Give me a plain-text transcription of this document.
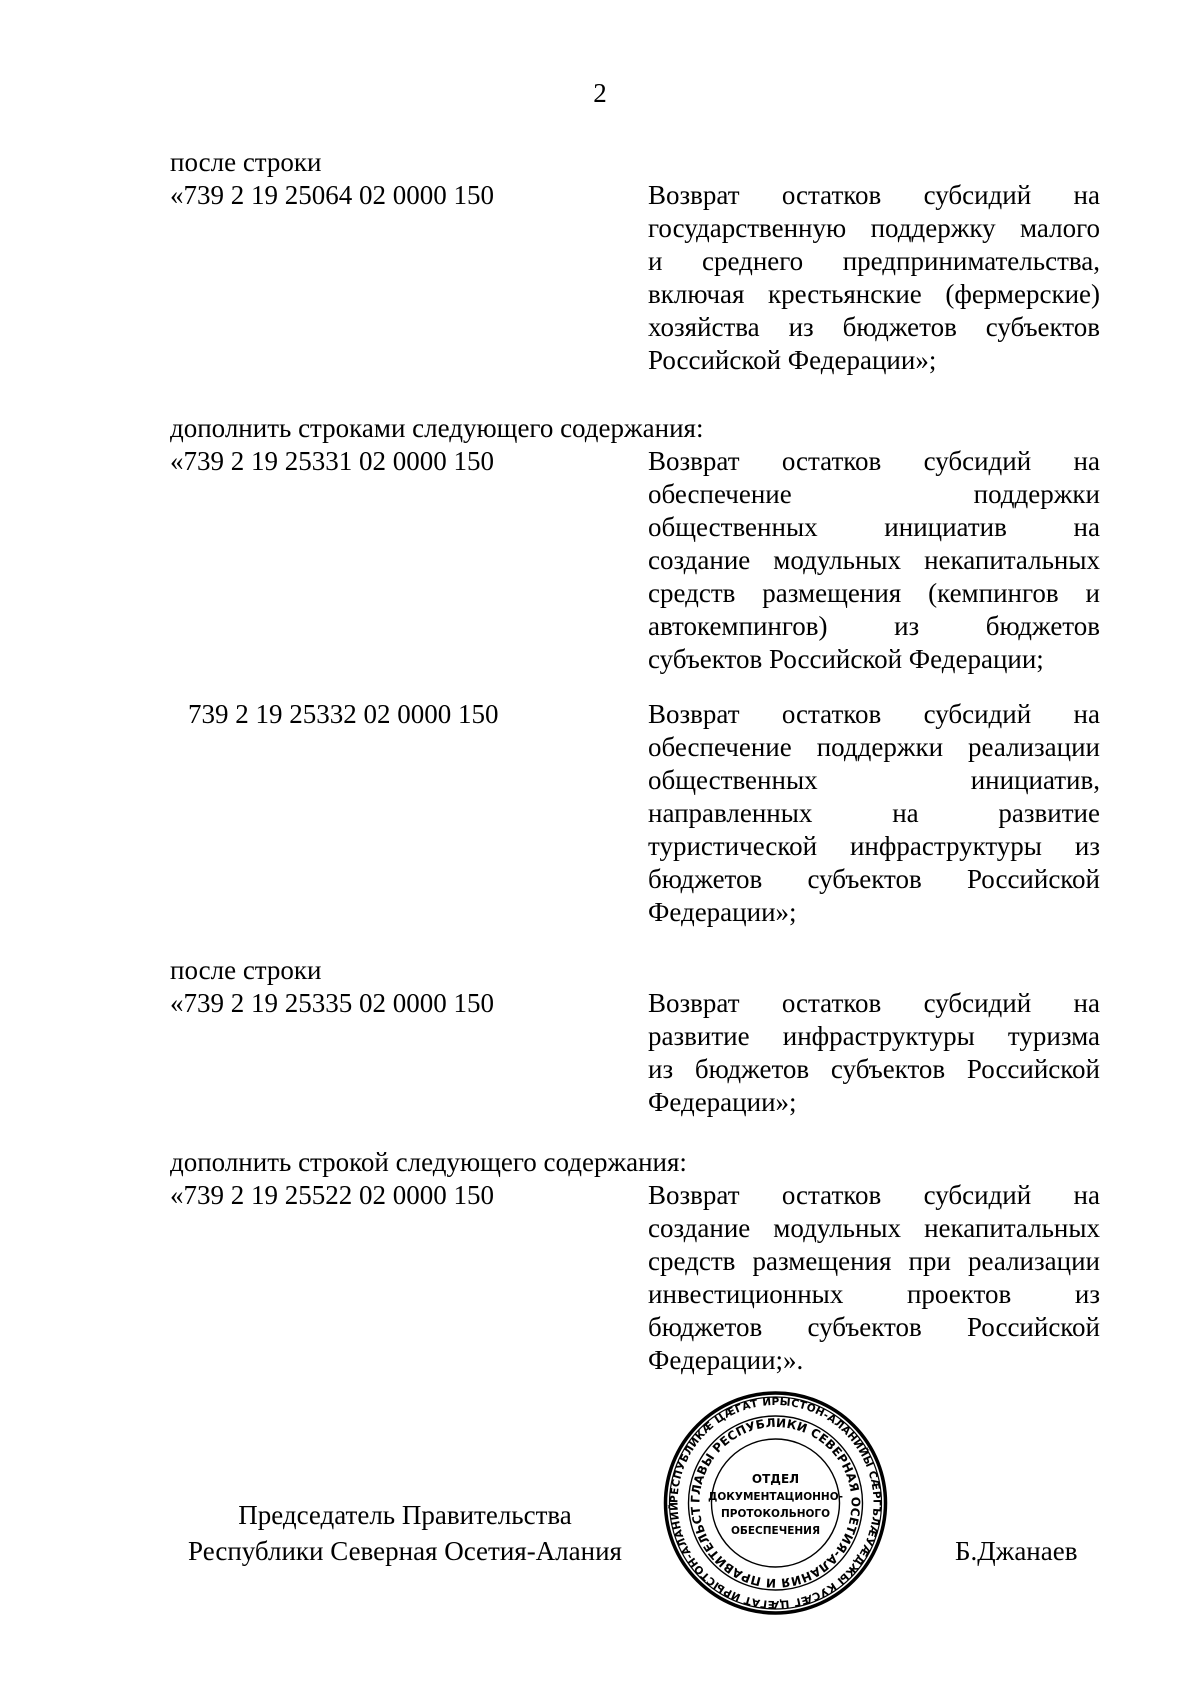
2
после строки
«739 2 19 25064 02 0000 150	Возврат остатков субсидий на
государственную поддержку малого
и среднего предпринимательства,
включая крестьянские (фермерские)
хозяйства из бюджетов субъектов
Российской Федерации»;
дополнить строками следующего содержания:
«739 2 19 25331 02 0000 150	Возврат остатков субсидий на
обеспечение поддержки
общественных инициатив на
создание модульных некапитальных
средств размещения (кемпингов и
автокемпингов) из бюджетов
субъектов Российской Федерации;
739 2 19 25332 02 0000 150	Возврат остатков субсидий на
обеспечение поддержки реализации
общественных инициатив,
направленных на развитие
туристической инфраструктуры из
бюджетов субъектов Российской
Федерации»;
после строки
«739 2 19 25335 02 0000 150	Возврат остатков субсидий на
развитие инфраструктуры туризма
из бюджетов субъектов Российской
Федерации»;
дополнить строкой следующего содержания:
«739 2 19 25522 02 0000 150	Возврат остатков субсидий на
создание модульных некапитальных
средств размещения при реализации
инвестиционных проектов из
бюджетов субъектов Российской
Федерации;».
РЕСПУБЛИКӔ ЦӔГАТ ИРЫСТОН-АЛАНИЙЫ СӔРГЪЛӔУӔДЖЫ КУСӔГ ЦӔГАТ ИРЫСТОН-АЛАНИЙ
ГЛАВЫ РЕСПУБЛИКИ СЕВЕРНАЯ ОСЕТИЯ-АЛАНИЯ И ПРАВИТЕЛЬСТ
ОТДЕЛ
ДОКУМЕНТАЦИОННО-
ПРОТОКОЛЬНОГО
ОБЕСПЕЧЕНИЯ
Председатель Правительства
Республики Северная Осетия-Алания	Б.Джанаев
